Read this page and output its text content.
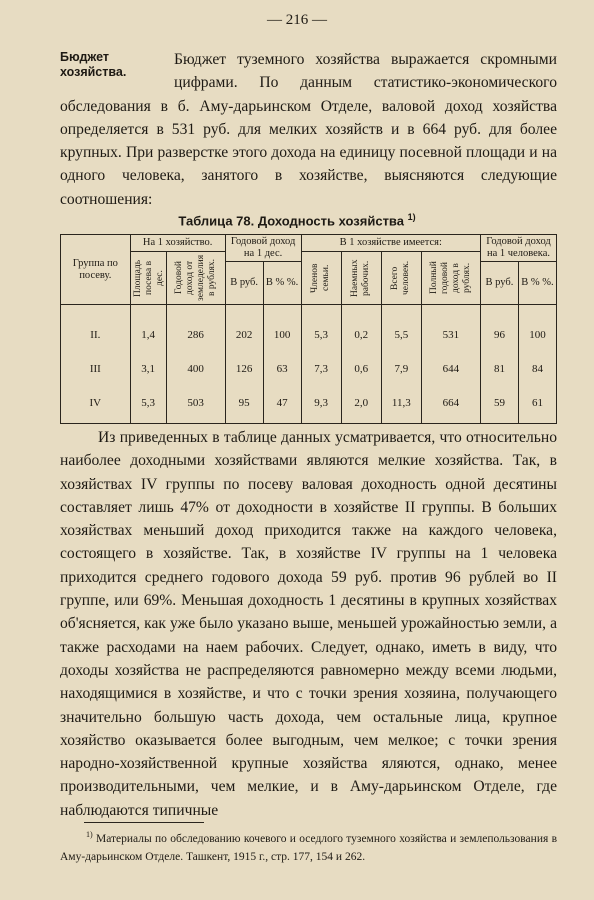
— 216 —
Бюджет хозяйства.
Бюджет туземного хозяйства выражается скромными цифрами. По данным статистико-экономического обследования в б. Аму-дарьинском Отделе, валовой доход хозяйства определяется в 531 руб. для мелких хозяйств и в 664 руб. для более крупных. При разверстке этого дохода на единицу посевной площади и на одного человека, занятого в хозяйстве, выясняются следующие соотношения:
Таблица 78. Доходность хозяйства $^{1)}$
Группа по посеву.	На 1 хозяйство.		Годовой доход на 1 дес.		В 1 хозяйстве имеется:				Годовой доход на 1 человека.	

	Площадь посева в дес.	Годовой доход от земледелия в рублях.			Членов семьи.	Наемных рабочих.	Всего человек.	Полный годовой доход в рублях.		

			В руб.	В % %.					В руб.	В % %.
II.	1,4	286	202	100	5,3	0,2	5,5	531	96	100
III	3,1	400	126	63	7,3	0,6	7,9	644	81	84
IV	5,3	503	95	47	9,3	2,0	11,3	664	59	61

Из приведенных в таблице данных усматривается, что относительно наиболее доходными хозяйствами являются мелкие хозяйства. Так, в хозяйствах IV группы по посеву валовая доходность одной десятины составляет лишь 47% от доходности в хозяйстве II группы. В больших хозяйствах меньший доход приходится также на каждого человека, состоящего в хозяйстве. Так, в хозяйстве IV группы на 1 человека приходится среднего годового дохода 59 руб. против 96 рублей во II группе, или 69%. Меньшая доходность 1 десятины в крупных хозяйствах об'ясняется, как уже было указано выше, меньшей урожайностью земли, а также расходами на наем рабочих. Следует, однако, иметь в виду, что доходы хозяйства не распределяются равномерно между всеми людьми, находящимися в хозяйстве, и что с точки зрения хозяина, получающего значительно большую часть дохода, чем остальные лица, крупное хозяйство оказывается более выгодным, чем мелкое; с точки зрения народно-хозяйственной крупные хозяйства яляются, однако, менее производительными, чем мелкие, и в Аму-дарьинском Отделе, где наблюдаются типичные

$^{1)}$ Материалы по обследованию кочевого и оседлого туземного хозяйства и землепользования в Аму-дарьинском Отделе. Ташкент, 1915 г., стр. 177, 154 и 262.
